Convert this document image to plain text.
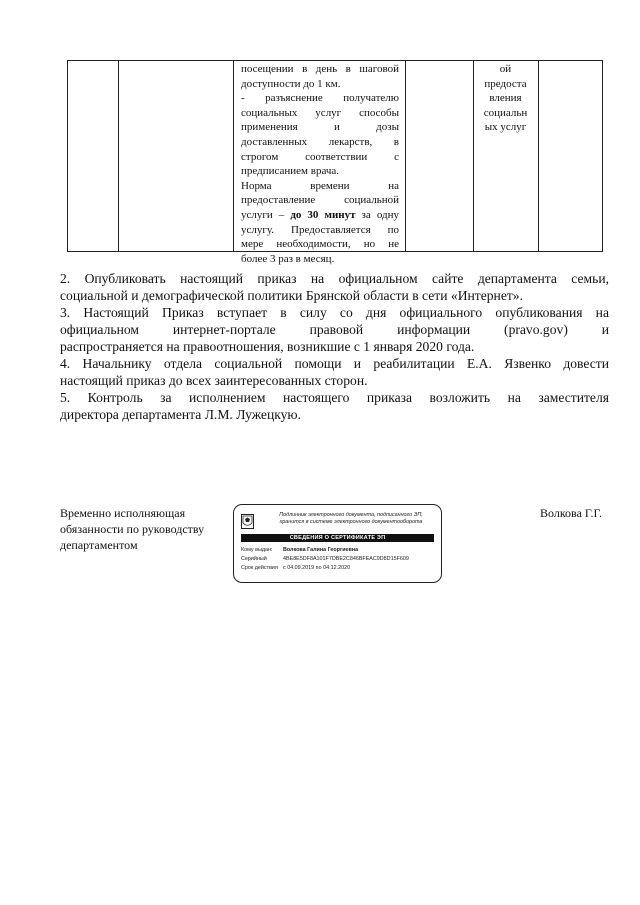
посещении в день в шаговой
доступности до 1 км.
- разъяснение получателю
социальных услуг способы
применения и дозы
доставленных лекарств, в
строгом соответствии с
предписанием врача.
Норма времени на
предоставление социальной
услуги – до 30 минут за одну
услугу. Предоставляется по
мере необходимости, но не
более 3 раз в месяц.
ой
предоста
вления
социальн
ых услуг
2. Опубликовать настоящий приказ на официальном сайте департамента семьи,
социальной и демографической политики Брянской области в сети «Интернет».
3. Настоящий Приказ вступает в силу со дня официального опубликования на
официальном интернет-портале правовой информации (pravo.gov) и
распространяется на правоотношения, возникшие с 1 января 2020 года.
4. Начальнику отдела социальной помощи и реабилитации Е.А. Язвенко довести
настоящий приказ до всех заинтересованных сторон.
5. Контроль за исполнением настоящего приказа возложить на заместителя
директора департамента Л.М. Лужецкую.
Временно исполняющая
обязанности по руководству
департаментом
Подлинник электронного документа, подписанного ЭП,
хранится в системе электронного документооборота
СВЕДЕНИЯ О СЕРТИФИКАТЕ ЭП
Кому выдан: Волкова Галина Георгиевна
Серийный	4BE8E5DF8A101F7DBE2C846BFEAC9D8D15F609
Срок действия с 04.09.2019 по 04.12.2020
Волкова Г.Г.
